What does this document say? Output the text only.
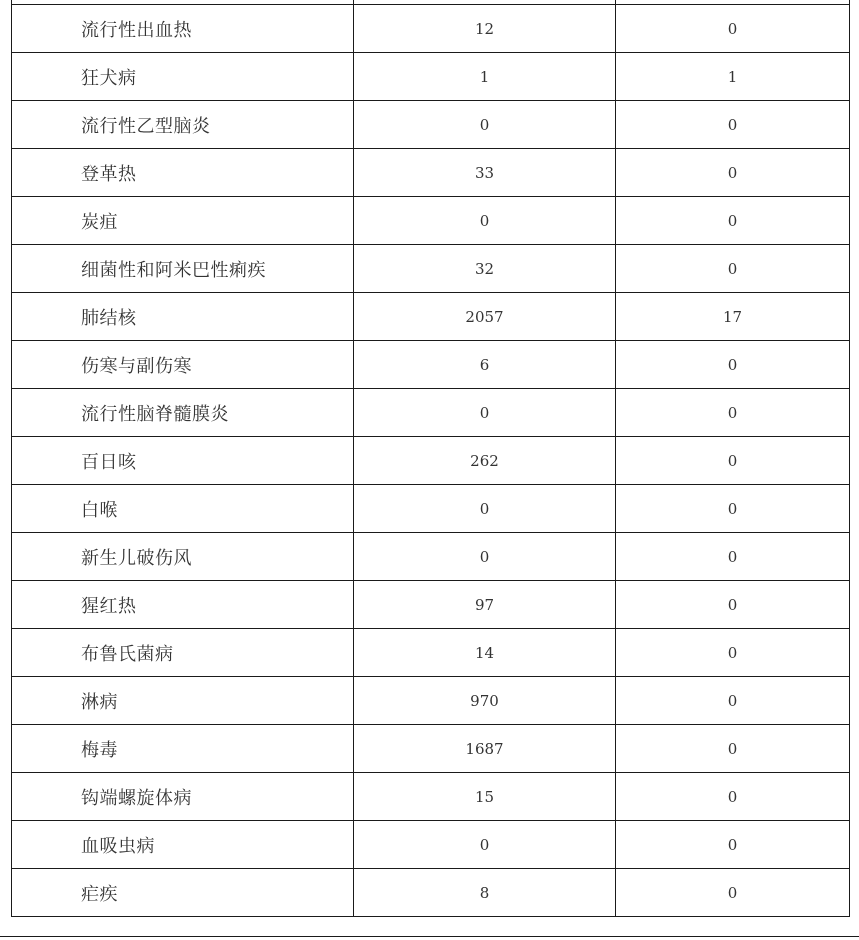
流行性出血热	12	0
狂犬病	1	1
流行性乙型脑炎	0	0
登革热	33	0
炭疽	0	0
细菌性和阿米巴性痢疾	32	0
肺结核	2057	17
伤寒与副伤寒	6	0
流行性脑脊髓膜炎	0	0
百日咳	262	0
白喉	0	0
新生儿破伤风	0	0
猩红热	97	0
布鲁氏菌病	14	0
淋病	970	0
梅毒	1687	0
钩端螺旋体病	15	0
血吸虫病	0	0
疟疾	8	0
